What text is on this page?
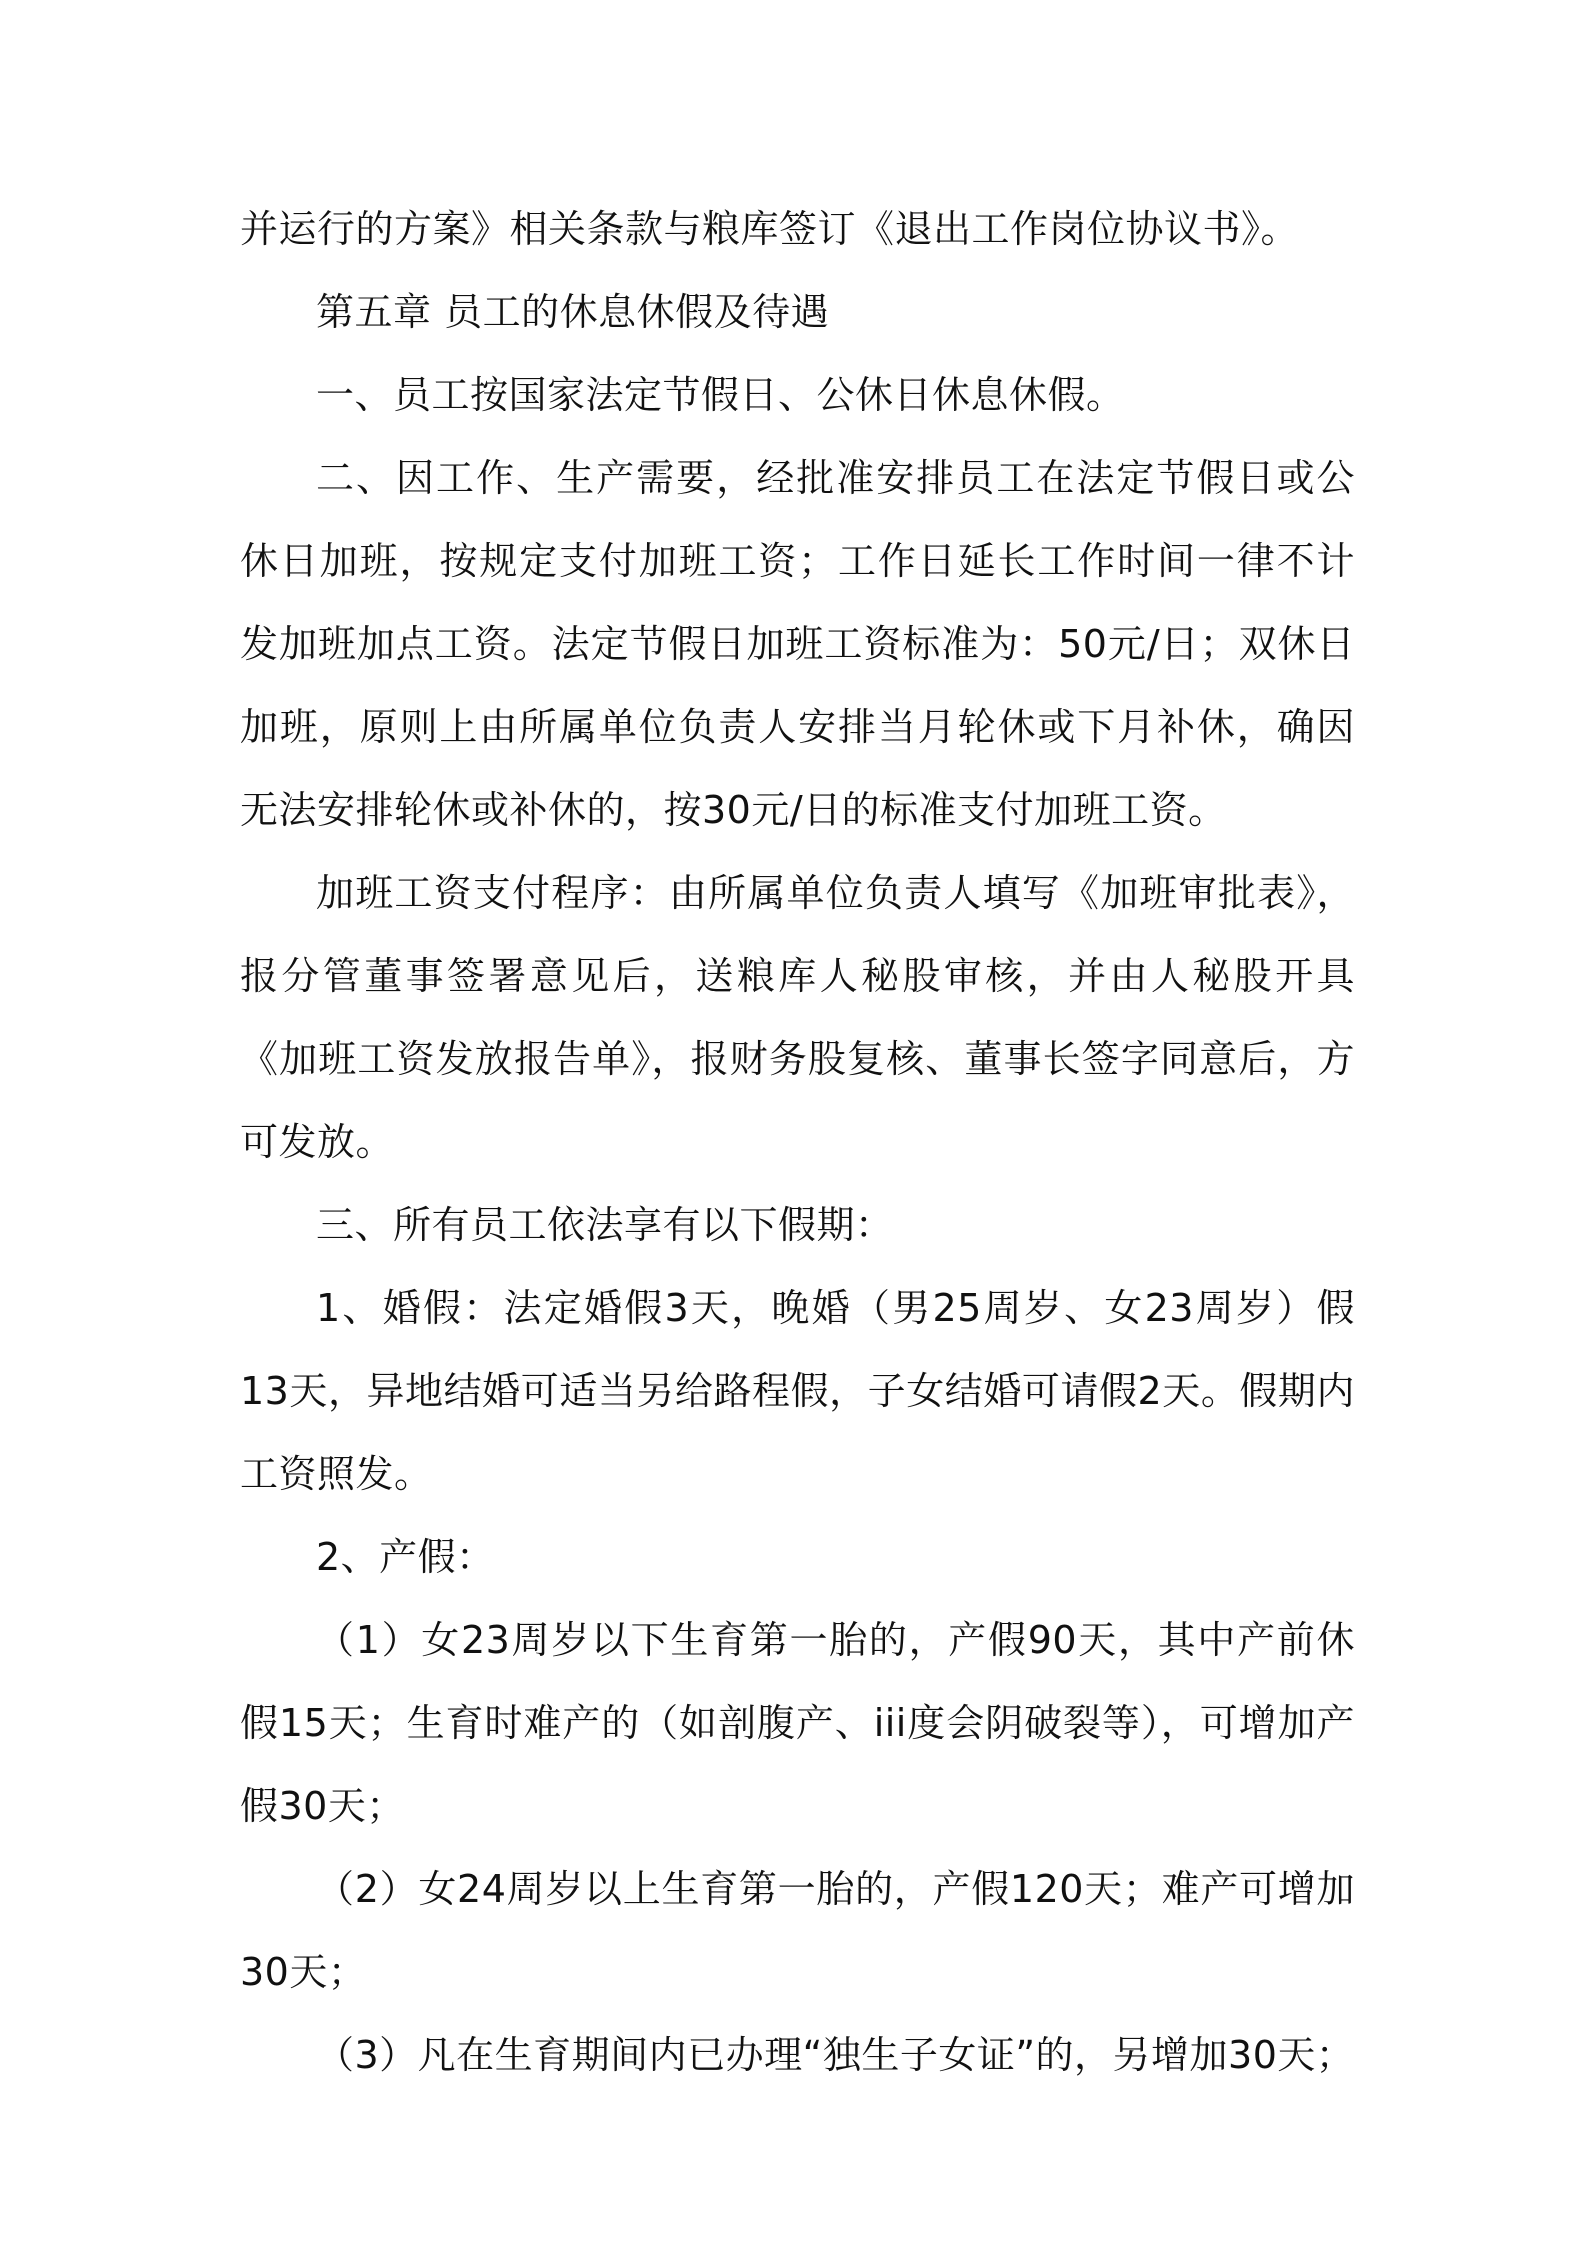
并运行的方案》相关条款与粮库签订《退出工作岗位协议书》。

第五章 员工的休息休假及待遇

一、员工按国家法定节假日、公休日休息休假。

二、因工作、生产需要，经批准安排员工在法定节假日或公休日加班，按规定支付加班工资；工作日延长工作时间一律不计发加班加点工资。法定节假日加班工资标准为：50元/日；双休日加班，原则上由所属单位负责人安排当月轮休或下月补休，确因无法安排轮休或补休的，按30元/日的标准支付加班工资。

加班工资支付程序：由所属单位负责人填写《加班审批表》，报分管董事签署意见后，送粮库人秘股审核，并由人秘股开具《加班工资发放报告单》，报财务股复核、董事长签字同意后，方可发放。

三、所有员工依法享有以下假期：

1、婚假：法定婚假3天，晚婚（男25周岁、女23周岁）假13天，异地结婚可适当另给路程假，子女结婚可请假2天。假期内工资照发。

2、产假：

（1）女23周岁以下生育第一胎的，产假90天，其中产前休假15天；生育时难产的（如剖腹产、iii度会阴破裂等），可增加产假30天；

（2）女24周岁以上生育第一胎的，产假120天；难产可增加30天；

（3）凡在生育期间内已办理“独生子女证”的，另增加30天；
